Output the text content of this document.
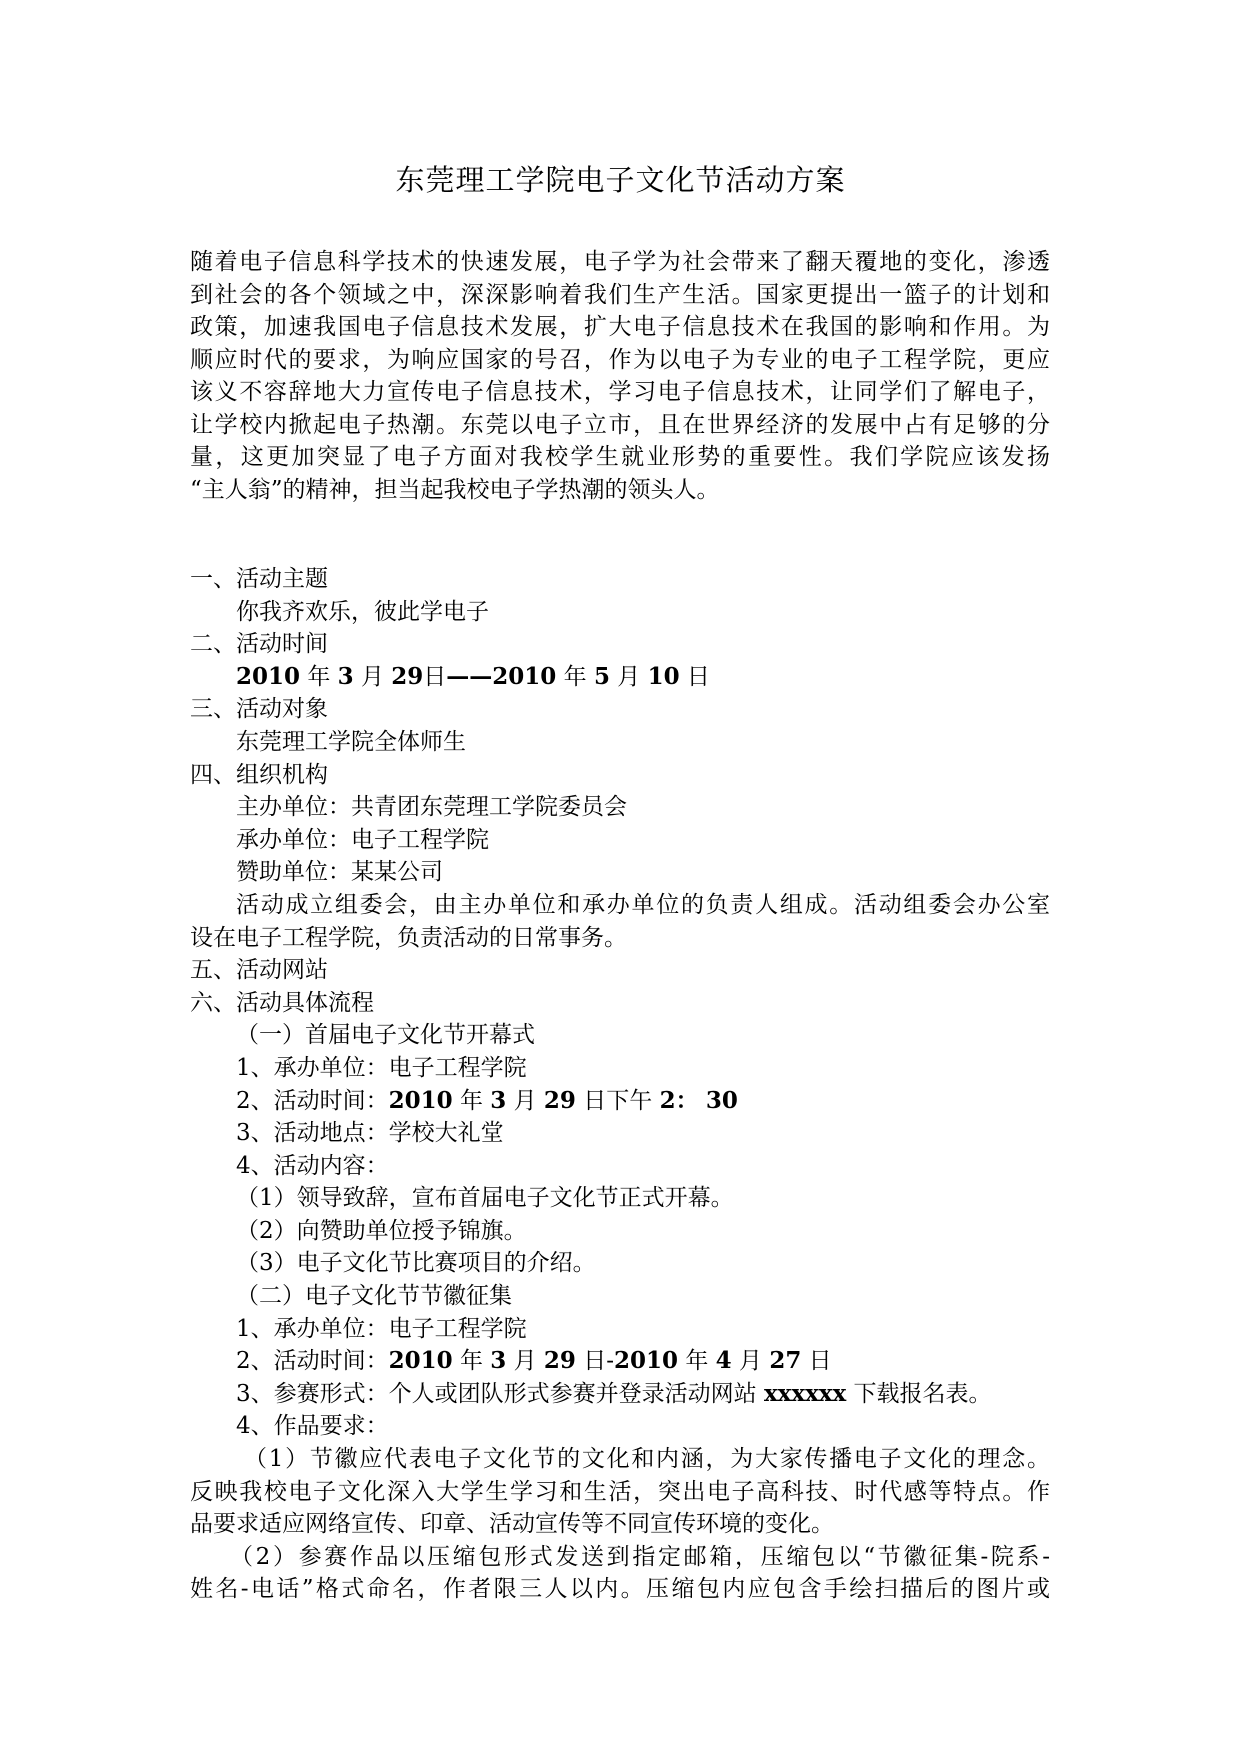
东莞理工学院电子文化节活动方案
随着电子信息科学技术的快速发展，电子学为社会带来了翻天覆地的变化，渗透
到社会的各个领域之中，深深影响着我们生产生活。国家更提出一篮子的计划和
政策，加速我国电子信息技术发展，扩大电子信息技术在我国的影响和作用。为
顺应时代的要求，为响应国家的号召，作为以电子为专业的电子工程学院，更应
该义不容辞地大力宣传电子信息技术，学习电子信息技术，让同学们了解电子，
让学校内掀起电子热潮。东莞以电子立市，且在世界经济的发展中占有足够的分
量，这更加突显了电子方面对我校学生就业形势的重要性。我们学院应该发扬
“主人翁”的精神，担当起我校电子学热潮的领头人。
一、活动主题
你我齐欢乐，彼此学电子
二、活动时间
2010 年 3 月 29日——2010 年 5 月 10 日
三、活动对象
东莞理工学院全体师生
四、组织机构
主办单位：共青团东莞理工学院委员会
承办单位：电子工程学院
赞助单位：某某公司
活动成立组委会，由主办单位和承办单位的负责人组成。活动组委会办公室
设在电子工程学院，负责活动的日常事务。
五、活动网站
六、活动具体流程
（一）首届电子文化节开幕式
1、承办单位：电子工程学院
2、活动时间：2010 年 3 月 29 日下午 2： 30
3、活动地点：学校大礼堂
4、活动内容：
（1）领导致辞，宣布首届电子文化节正式开幕。
（2）向赞助单位授予锦旗。
（3）电子文化节比赛项目的介绍。
（二）电子文化节节徽征集
1、承办单位：电子工程学院
2、活动时间：2010 年 3 月 29 日-2010 年 4 月 27 日
3、参赛形式：个人或团队形式参赛并登录活动网站 xxxxxx 下载报名表。
4、作品要求：
（1）节徽应代表电子文化节的文化和内涵，为大家传播电子文化的理念。
反映我校电子文化深入大学生学习和生活，突出电子高科技、时代感等特点。作
品要求适应网络宣传、印章、活动宣传等不同宣传环境的变化。
（2）参赛作品以压缩包形式发送到指定邮箱，压缩包以“节徽征集-院系-
姓名-电话”格式命名，作者限三人以内。压缩包内应包含手绘扫描后的图片或
